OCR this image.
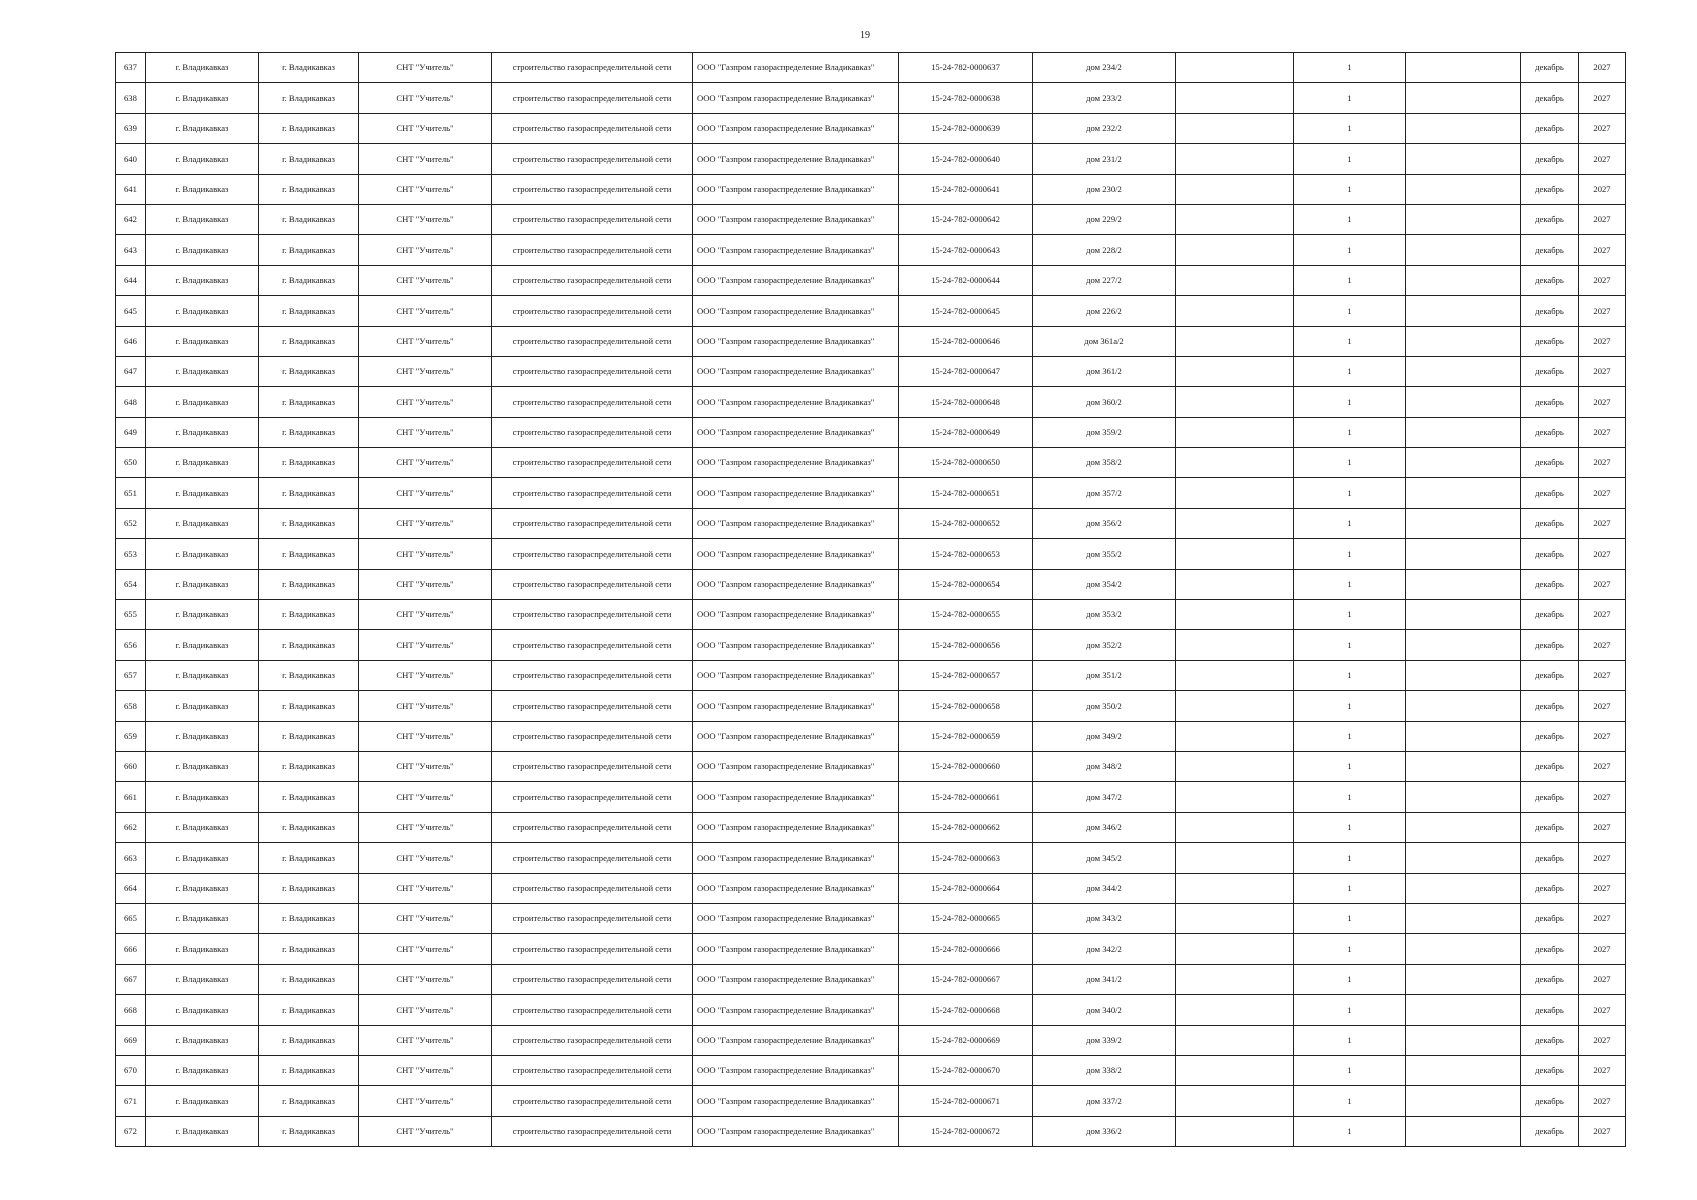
19
637	г. Владикавказ	г. Владикавказ	СНТ "Учитель"	строительство газораспределительной сети	ООО "Газпром газораспределение Владикавказ"	15-24-782-0000637	дом 234/2		1		декабрь	2027
638	г. Владикавказ	г. Владикавказ	СНТ "Учитель"	строительство газораспределительной сети	ООО "Газпром газораспределение Владикавказ"	15-24-782-0000638	дом 233/2		1		декабрь	2027
639	г. Владикавказ	г. Владикавказ	СНТ "Учитель"	строительство газораспределительной сети	ООО "Газпром газораспределение Владикавказ"	15-24-782-0000639	дом 232/2		1		декабрь	2027
640	г. Владикавказ	г. Владикавказ	СНТ "Учитель"	строительство газораспределительной сети	ООО "Газпром газораспределение Владикавказ"	15-24-782-0000640	дом 231/2		1		декабрь	2027
641	г. Владикавказ	г. Владикавказ	СНТ "Учитель"	строительство газораспределительной сети	ООО "Газпром газораспределение Владикавказ"	15-24-782-0000641	дом 230/2		1		декабрь	2027
642	г. Владикавказ	г. Владикавказ	СНТ "Учитель"	строительство газораспределительной сети	ООО "Газпром газораспределение Владикавказ"	15-24-782-0000642	дом 229/2		1		декабрь	2027
643	г. Владикавказ	г. Владикавказ	СНТ "Учитель"	строительство газораспределительной сети	ООО "Газпром газораспределение Владикавказ"	15-24-782-0000643	дом 228/2		1		декабрь	2027
644	г. Владикавказ	г. Владикавказ	СНТ "Учитель"	строительство газораспределительной сети	ООО "Газпром газораспределение Владикавказ"	15-24-782-0000644	дом 227/2		1		декабрь	2027
645	г. Владикавказ	г. Владикавказ	СНТ "Учитель"	строительство газораспределительной сети	ООО "Газпром газораспределение Владикавказ"	15-24-782-0000645	дом 226/2		1		декабрь	2027
646	г. Владикавказ	г. Владикавказ	СНТ "Учитель"	строительство газораспределительной сети	ООО "Газпром газораспределение Владикавказ"	15-24-782-0000646	дом 361а/2		1		декабрь	2027
647	г. Владикавказ	г. Владикавказ	СНТ "Учитель"	строительство газораспределительной сети	ООО "Газпром газораспределение Владикавказ"	15-24-782-0000647	дом 361/2		1		декабрь	2027
648	г. Владикавказ	г. Владикавказ	СНТ "Учитель"	строительство газораспределительной сети	ООО "Газпром газораспределение Владикавказ"	15-24-782-0000648	дом 360/2		1		декабрь	2027
649	г. Владикавказ	г. Владикавказ	СНТ "Учитель"	строительство газораспределительной сети	ООО "Газпром газораспределение Владикавказ"	15-24-782-0000649	дом 359/2		1		декабрь	2027
650	г. Владикавказ	г. Владикавказ	СНТ "Учитель"	строительство газораспределительной сети	ООО "Газпром газораспределение Владикавказ"	15-24-782-0000650	дом 358/2		1		декабрь	2027
651	г. Владикавказ	г. Владикавказ	СНТ "Учитель"	строительство газораспределительной сети	ООО "Газпром газораспределение Владикавказ"	15-24-782-0000651	дом 357/2		1		декабрь	2027
652	г. Владикавказ	г. Владикавказ	СНТ "Учитель"	строительство газораспределительной сети	ООО "Газпром газораспределение Владикавказ"	15-24-782-0000652	дом 356/2		1		декабрь	2027
653	г. Владикавказ	г. Владикавказ	СНТ "Учитель"	строительство газораспределительной сети	ООО "Газпром газораспределение Владикавказ"	15-24-782-0000653	дом 355/2		1		декабрь	2027
654	г. Владикавказ	г. Владикавказ	СНТ "Учитель"	строительство газораспределительной сети	ООО "Газпром газораспределение Владикавказ"	15-24-782-0000654	дом 354/2		1		декабрь	2027
655	г. Владикавказ	г. Владикавказ	СНТ "Учитель"	строительство газораспределительной сети	ООО "Газпром газораспределение Владикавказ"	15-24-782-0000655	дом 353/2		1		декабрь	2027
656	г. Владикавказ	г. Владикавказ	СНТ "Учитель"	строительство газораспределительной сети	ООО "Газпром газораспределение Владикавказ"	15-24-782-0000656	дом 352/2		1		декабрь	2027
657	г. Владикавказ	г. Владикавказ	СНТ "Учитель"	строительство газораспределительной сети	ООО "Газпром газораспределение Владикавказ"	15-24-782-0000657	дом 351/2		1		декабрь	2027
658	г. Владикавказ	г. Владикавказ	СНТ "Учитель"	строительство газораспределительной сети	ООО "Газпром газораспределение Владикавказ"	15-24-782-0000658	дом 350/2		1		декабрь	2027
659	г. Владикавказ	г. Владикавказ	СНТ "Учитель"	строительство газораспределительной сети	ООО "Газпром газораспределение Владикавказ"	15-24-782-0000659	дом 349/2		1		декабрь	2027
660	г. Владикавказ	г. Владикавказ	СНТ "Учитель"	строительство газораспределительной сети	ООО "Газпром газораспределение Владикавказ"	15-24-782-0000660	дом 348/2		1		декабрь	2027
661	г. Владикавказ	г. Владикавказ	СНТ "Учитель"	строительство газораспределительной сети	ООО "Газпром газораспределение Владикавказ"	15-24-782-0000661	дом 347/2		1		декабрь	2027
662	г. Владикавказ	г. Владикавказ	СНТ "Учитель"	строительство газораспределительной сети	ООО "Газпром газораспределение Владикавказ"	15-24-782-0000662	дом 346/2		1		декабрь	2027
663	г. Владикавказ	г. Владикавказ	СНТ "Учитель"	строительство газораспределительной сети	ООО "Газпром газораспределение Владикавказ"	15-24-782-0000663	дом 345/2		1		декабрь	2027
664	г. Владикавказ	г. Владикавказ	СНТ "Учитель"	строительство газораспределительной сети	ООО "Газпром газораспределение Владикавказ"	15-24-782-0000664	дом 344/2		1		декабрь	2027
665	г. Владикавказ	г. Владикавказ	СНТ "Учитель"	строительство газораспределительной сети	ООО "Газпром газораспределение Владикавказ"	15-24-782-0000665	дом 343/2		1		декабрь	2027
666	г. Владикавказ	г. Владикавказ	СНТ "Учитель"	строительство газораспределительной сети	ООО "Газпром газораспределение Владикавказ"	15-24-782-0000666	дом 342/2		1		декабрь	2027
667	г. Владикавказ	г. Владикавказ	СНТ "Учитель"	строительство газораспределительной сети	ООО "Газпром газораспределение Владикавказ"	15-24-782-0000667	дом 341/2		1		декабрь	2027
668	г. Владикавказ	г. Владикавказ	СНТ "Учитель"	строительство газораспределительной сети	ООО "Газпром газораспределение Владикавказ"	15-24-782-0000668	дом 340/2		1		декабрь	2027
669	г. Владикавказ	г. Владикавказ	СНТ "Учитель"	строительство газораспределительной сети	ООО "Газпром газораспределение Владикавказ"	15-24-782-0000669	дом 339/2		1		декабрь	2027
670	г. Владикавказ	г. Владикавказ	СНТ "Учитель"	строительство газораспределительной сети	ООО "Газпром газораспределение Владикавказ"	15-24-782-0000670	дом 338/2		1		декабрь	2027
671	г. Владикавказ	г. Владикавказ	СНТ "Учитель"	строительство газораспределительной сети	ООО "Газпром газораспределение Владикавказ"	15-24-782-0000671	дом 337/2		1		декабрь	2027
672	г. Владикавказ	г. Владикавказ	СНТ "Учитель"	строительство газораспределительной сети	ООО "Газпром газораспределение Владикавказ"	15-24-782-0000672	дом 336/2		1		декабрь	2027
